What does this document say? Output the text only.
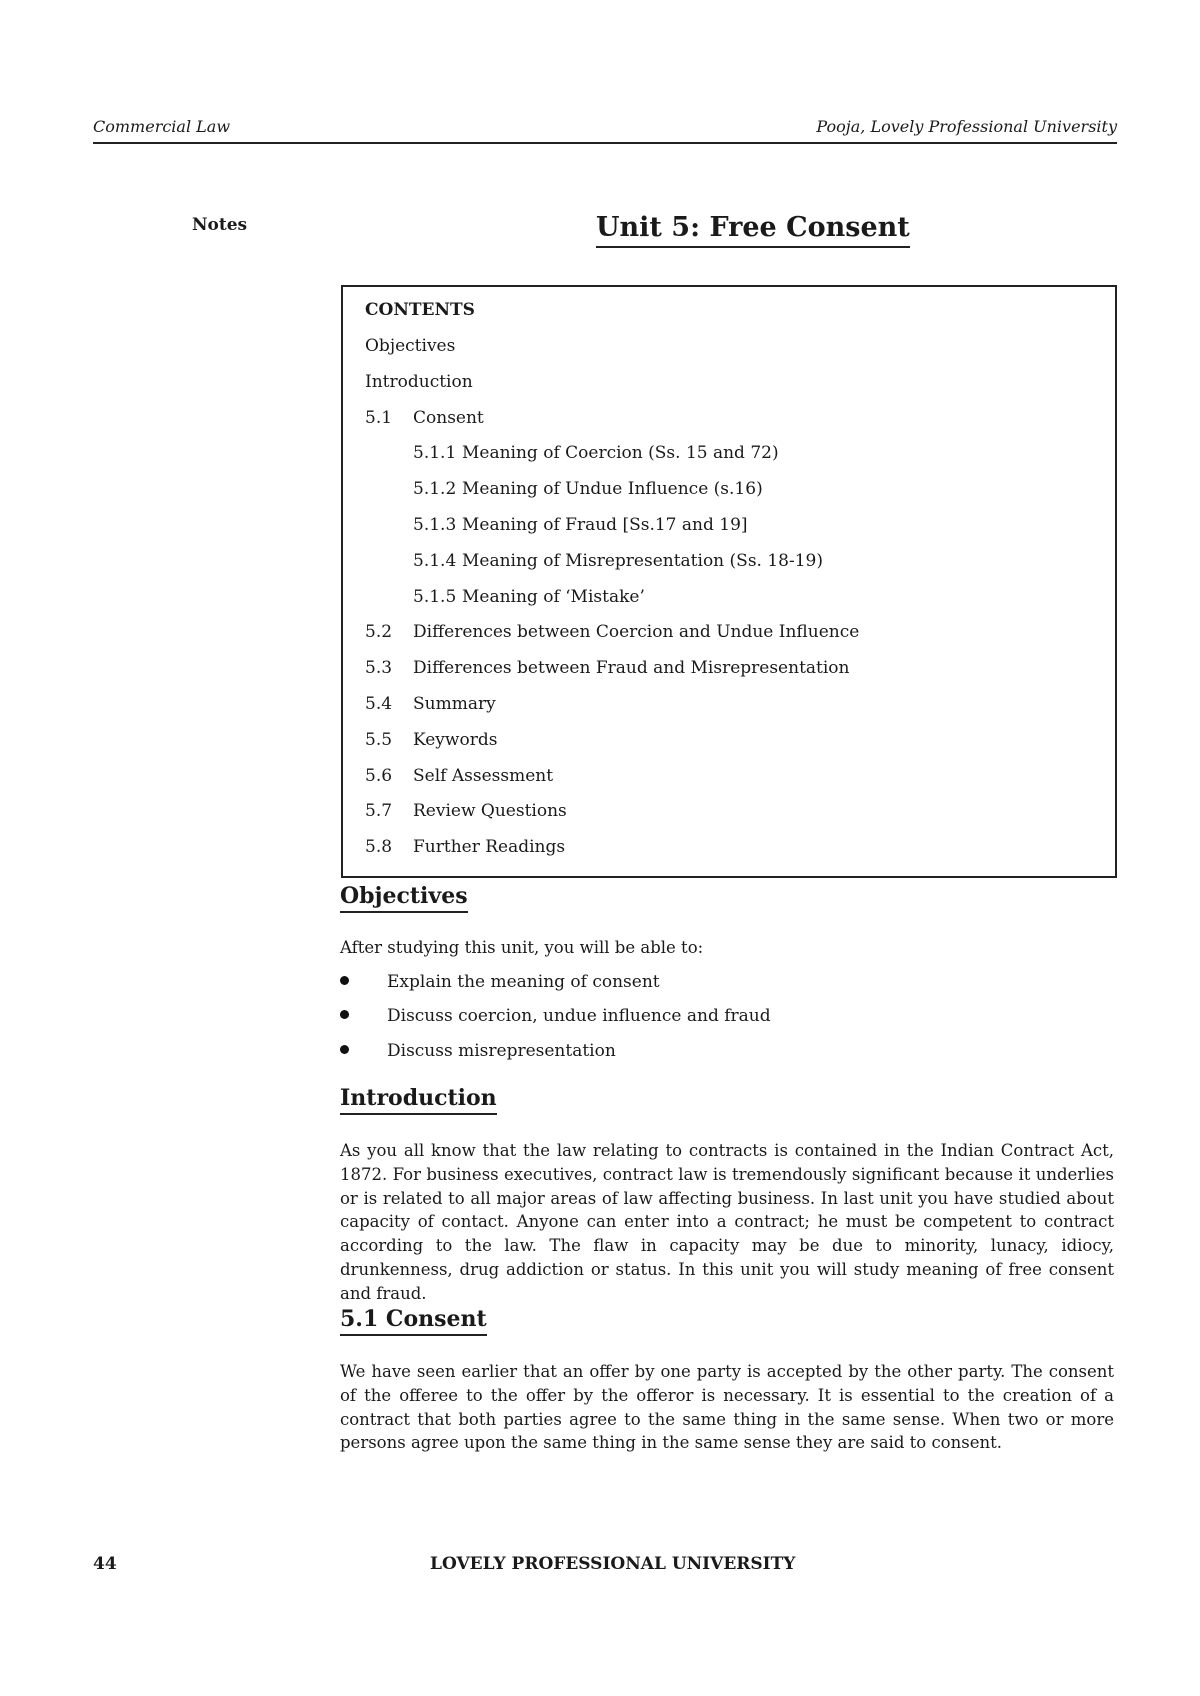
Commercial Law	Pooja, Lovely Professional University
Notes	Unit 5: Free Consent
CONTENTS
Objectives
Introduction
5.1 Consent
5.1.1 Meaning of Coercion (Ss. 15 and 72)
5.1.2 Meaning of Undue Influence (s.16)
5.1.3 Meaning of Fraud [Ss.17 and 19]
5.1.4 Meaning of Misrepresentation (Ss. 18-19)
5.1.5 Meaning of ‘Mistake’
5.2 Differences between Coercion and Undue Influence
5.3 Differences between Fraud and Misrepresentation
5.4 Summary
5.5 Keywords
5.6 Self Assessment
5.7 Review Questions
5.8 Further Readings
Objectives
After studying this unit, you will be able to:
Explain the meaning of consent
Discuss coercion, undue influence and fraud
Discuss misrepresentation
Introduction
As you all know that the law relating to contracts is contained in the Indian Contract Act, 1872. For business executives, contract law is tremendously significant because it underlies or is related to all major areas of law affecting business. In last unit you have studied about capacity of contact. Anyone can enter into a contract; he must be competent to contract according to the law. The flaw in capacity may be due to minority, lunacy, idiocy, drunkenness, drug addiction or status. In this unit you will study meaning of free consent and fraud.
5.1 Consent
We have seen earlier that an offer by one party is accepted by the other party. The consent of the offeree to the offer by the offeror is necessary. It is essential to the creation of a contract that both parties agree to the same thing in the same sense. When two or more persons agree upon the same thing in the same sense they are said to consent.
44	LOVELY PROFESSIONAL UNIVERSITY
